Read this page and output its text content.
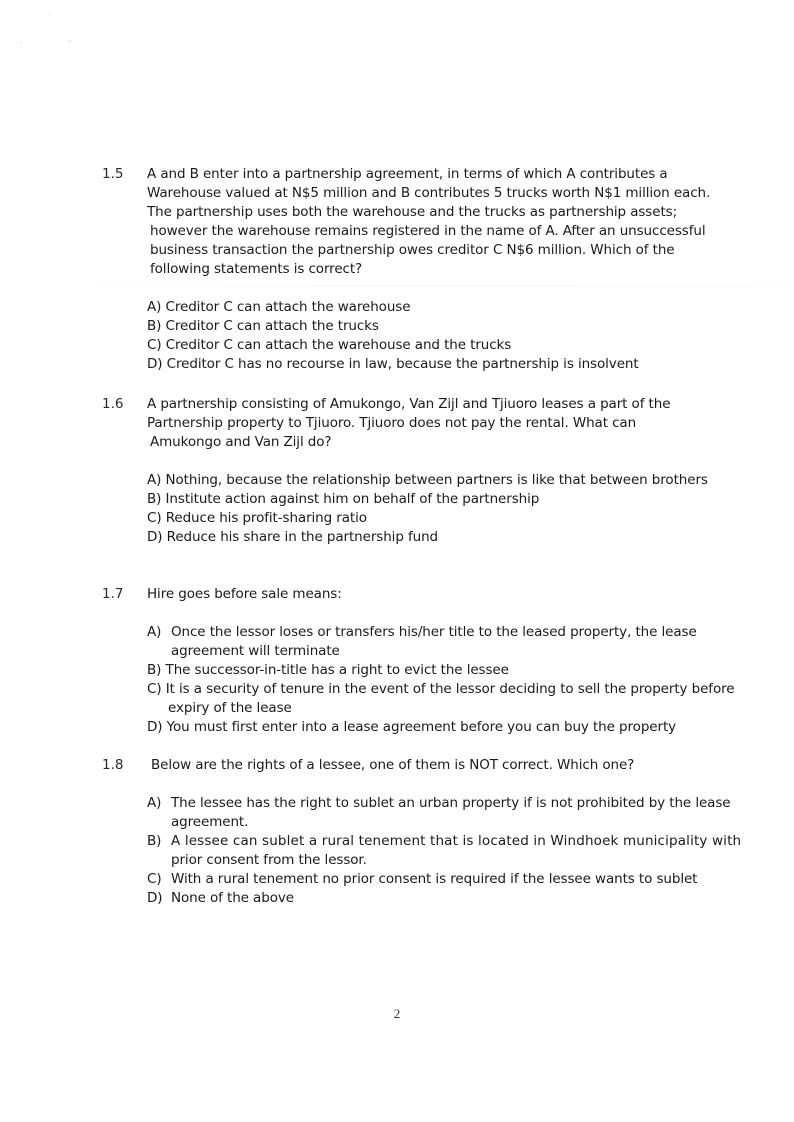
·
'	:'
1.5 A and B enter into a partnership agreement, in terms of which A contributes a
Warehouse valued at N$5 million and B contributes 5 trucks worth N$1 million each.
The partnership uses both the warehouse and the trucks as partnership assets;
however the warehouse remains registered in the name of A. After an unsuccessful
business transaction the partnership owes creditor C N$6 million. Which of the
following statements is correct?
A) Creditor C can attach the warehouse
B) Creditor C can attach the trucks
C) Creditor C can attach the warehouse and the trucks
D) Creditor C has no recourse in law, because the partnership is insolvent
1.6 A partnership consisting of Amukongo, Van Zijl and Tjiuoro leases a part of the
Partnership property to Tjiuoro. Tjiuoro does not pay the rental. What can
Amukongo and Van Zijl do?
A) Nothing, because the relationship between partners is like that between brothers
B) Institute action against him on behalf of the partnership
C) Reduce his profit-sharing ratio
D) Reduce his share in the partnership fund
1.7 Hire goes before sale means:
A) Once the lessor loses or transfers his/her title to the leased property, the lease
agreement will terminate
B) The successor-in-title has a right to evict the lessee
C) It is a security of tenure in the event of the lessor deciding to sell the property before
expiry of the lease
D) You must first enter into a lease agreement before you can buy the property
1.8 Below are the rights of a lessee, one of them is NOT correct. Which one?
A) The lessee has the right to sublet an urban property if is not prohibited by the lease
agreement.
B) A lessee can sublet a rural tenement that is located in Windhoek municipality with
prior consent from the lessor.
C) With a rural tenement no prior consent is required if the lessee wants to sublet
D) None of the above
2
